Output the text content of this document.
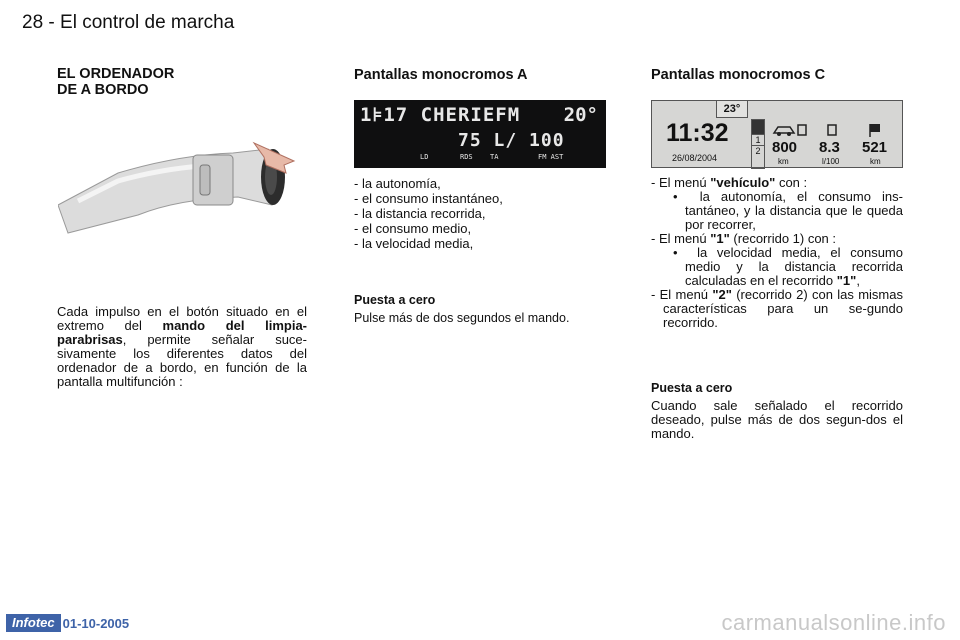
28 - El control de marcha
EL ORDENADOR
DE A BORDO
Cada impulso en el botón situado en el extremo del mando del limpia-parabrisas, permite señalar suce-sivamente los diferentes datos del ordenador de a bordo, en función de la pantalla multifunción :
Pantallas monocromos A
1⊧17 CHERIEFM 20°
75 L/ 100
LD	RDS TA	FM AST
- la autonomía,
- el consumo instantáneo,
- la distancia recorrida,
- el consumo medio,
- la velocidad media,
Puesta a cero
Pulse más de dos segundos el mando.
Pantallas monocromos C
23°
11:32
26/08/2004
1
2 800 8.3 521
km	l/100	km
- El menú "vehículo" con :
•  la autonomía, el consumo ins-tantáneo, y la distancia que le queda por recorrer,
- El menú "1" (recorrido 1) con :
•  la velocidad media, el consumo medio y la distancia recorrida calculadas en el recorrido "1",
- El menú "2" (recorrido 2) con las mismas características para un se-gundo recorrido.
Puesta a cero
Cuando sale señalado el recorrido deseado, pulse más de dos segun-dos el mando.
Infotec 01-10-2005	carmanualsonline.info
